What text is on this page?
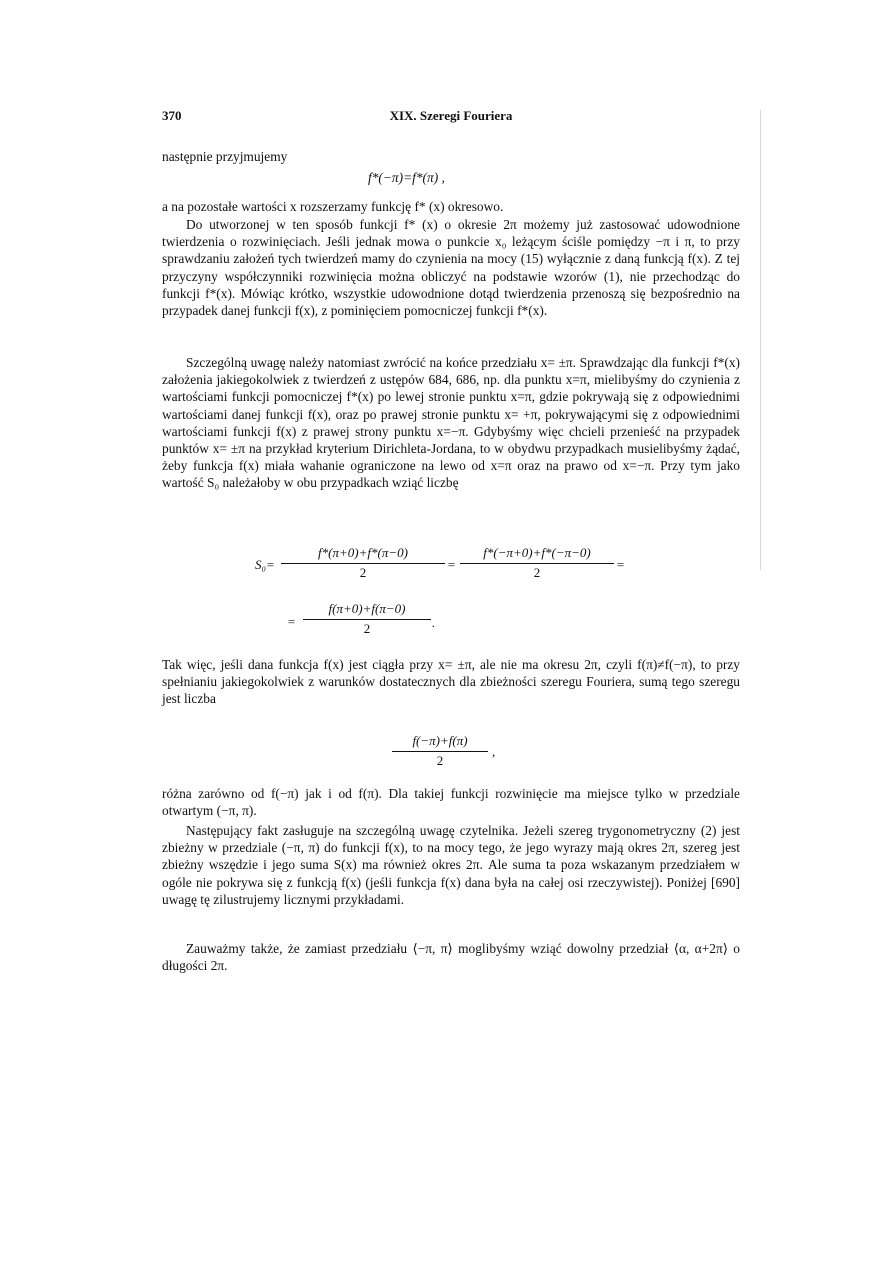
370	XIX. Szeregi Fouriera
następnie przyjmujemy
f*(−π)=f*(π) ,
a na pozostałe wartości x rozszerzamy funkcję f* (x) okresowo.
Do utworzonej w ten sposób funkcji f* (x) o okresie 2π możemy już zastosować udowodnione twierdzenia o rozwinięciach. Jeśli jednak mowa o punkcie x₀ leżącym ściśle pomiędzy −π i π, to przy sprawdzaniu założeń tych twierdzeń mamy do czynienia na mocy (15) wyłącznie z daną funkcją f(x). Z tej przyczyny współczynniki rozwinięcia można obliczyć na podstawie wzorów (1), nie przechodząc do funkcji f*(x). Mówiąc krótko, wszystkie udowodnione dotąd twierdzenia przenoszą się bezpośrednio na przypadek danej funkcji f(x), z pominięciem pomocniczej funkcji f*(x).
Szczególną uwagę należy natomiast zwrócić na końce przedziału x= ±π. Sprawdzając dla funkcji f*(x) założenia jakiegokolwiek z twierdzeń z ustępów 684, 686, np. dla punktu x=π, mielibyśmy do czynienia z wartościami funkcji pomocniczej f*(x) po lewej stronie punktu x=π, gdzie pokrywają się z odpowiednimi wartościami danej funkcji f(x), oraz po prawej stronie punktu x= +π, pokrywającymi się z odpowiednimi wartościami funkcji f(x) z prawej strony punktu x=−π. Gdybyśmy więc chcieli przenieść na przypadek punktów x= ±π na przykład kryterium Dirichleta-Jordana, to w obydwu przypadkach musielibyśmy żądać, żeby funkcja f(x) miała wahanie ograniczone na lewo od x=π oraz na prawo od x=−π. Przy tym jako wartość S₀ należałoby w obu przypadkach wziąć liczbę
S₀=
f*(π+0)+f*(π−0)
2
=
f*(−π+0)+f*(−π−0)
2
=
=
f(π+0)+f(π−0)
2	.
Tak więc, jeśli dana funkcja f(x) jest ciągła przy x= ±π, ale nie ma okresu 2π, czyli f(π)≠f(−π), to przy spełnianiu jakiegokolwiek z warunków dostatecznych dla zbieżności szeregu Fouriera, sumą tego szeregu jest liczba
f(−π)+f(π)
2
,
różna zarówno od f(−π) jak i od f(π). Dla takiej funkcji rozwinięcie ma miejsce tylko w przedziale otwartym (−π, π).
Następujący fakt zasługuje na szczególną uwagę czytelnika. Jeżeli szereg trygonometryczny (2) jest zbieżny w przedziale (−π, π) do funkcji f(x), to na mocy tego, że jego wyrazy mają okres 2π, szereg jest zbieżny wszędzie i jego suma S(x) ma również okres 2π. Ale suma ta poza wskazanym przedziałem w ogóle nie pokrywa się z funkcją f(x) (jeśli funkcja f(x) dana była na całej osi rzeczywistej). Poniżej [690] uwagę tę zilustrujemy licznymi przykładami.
Zauważmy także, że zamiast przedziału ⟨−π, π⟩ moglibyśmy wziąć dowolny przedział ⟨α, α+2π⟩ o długości 2π.
